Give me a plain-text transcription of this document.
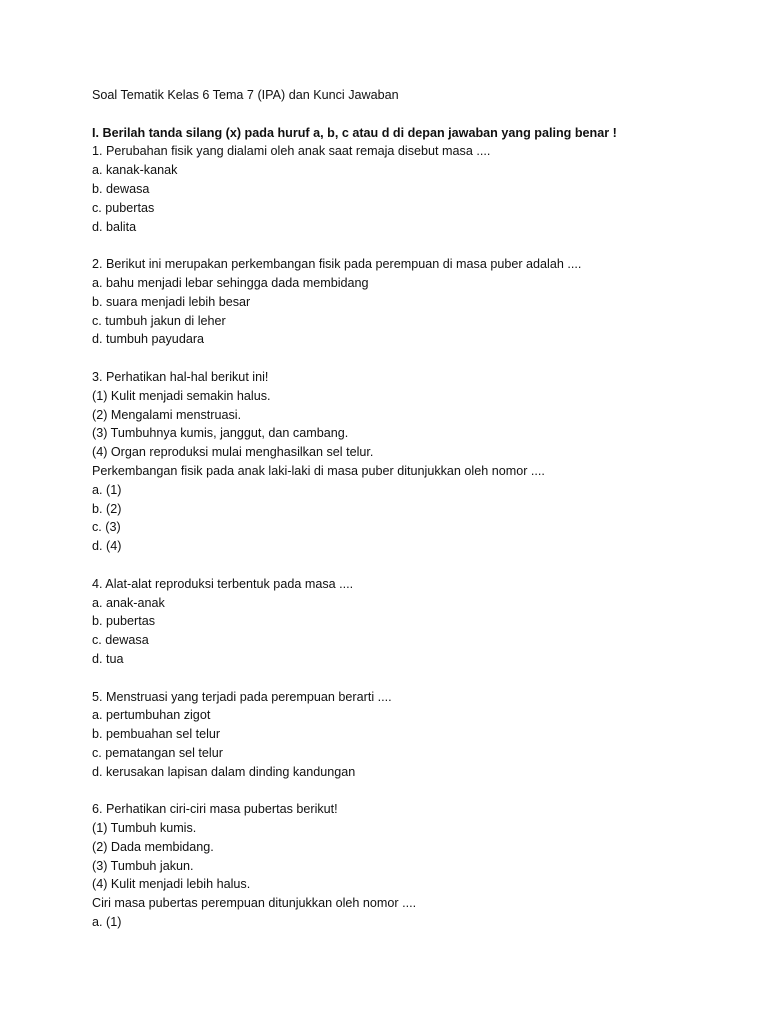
Soal Tematik Kelas 6 Tema 7 (IPA) dan Kunci Jawaban
I. Berilah tanda silang (x) pada huruf a, b, c atau d di depan jawaban yang paling benar !
1. Perubahan fisik yang dialami oleh anak saat remaja disebut masa ....
a. kanak-kanak
b. dewasa
c. pubertas
d. balita
2. Berikut ini merupakan perkembangan fisik pada perempuan di masa puber adalah ....
a. bahu menjadi lebar sehingga dada membidang
b. suara menjadi lebih besar
c. tumbuh jakun di leher
d. tumbuh payudara
3. Perhatikan hal-hal berikut ini!
(1) Kulit menjadi semakin halus.
(2) Mengalami menstruasi.
(3) Tumbuhnya kumis, janggut, dan cambang.
(4) Organ reproduksi mulai menghasilkan sel telur.
Perkembangan fisik pada anak laki-laki di masa puber ditunjukkan oleh nomor ....
a. (1)
b. (2)
c. (3)
d. (4)
4. Alat-alat reproduksi terbentuk pada masa ....
a. anak-anak
b. pubertas
c. dewasa
d. tua
5. Menstruasi yang terjadi pada perempuan berarti ....
a. pertumbuhan zigot
b. pembuahan sel telur
c. pematangan sel telur
d. kerusakan lapisan dalam dinding kandungan
6. Perhatikan ciri-ciri masa pubertas berikut!
(1) Tumbuh kumis.
(2) Dada membidang.
(3) Tumbuh jakun.
(4) Kulit menjadi lebih halus.
Ciri masa pubertas perempuan ditunjukkan oleh nomor ....
a. (1)
